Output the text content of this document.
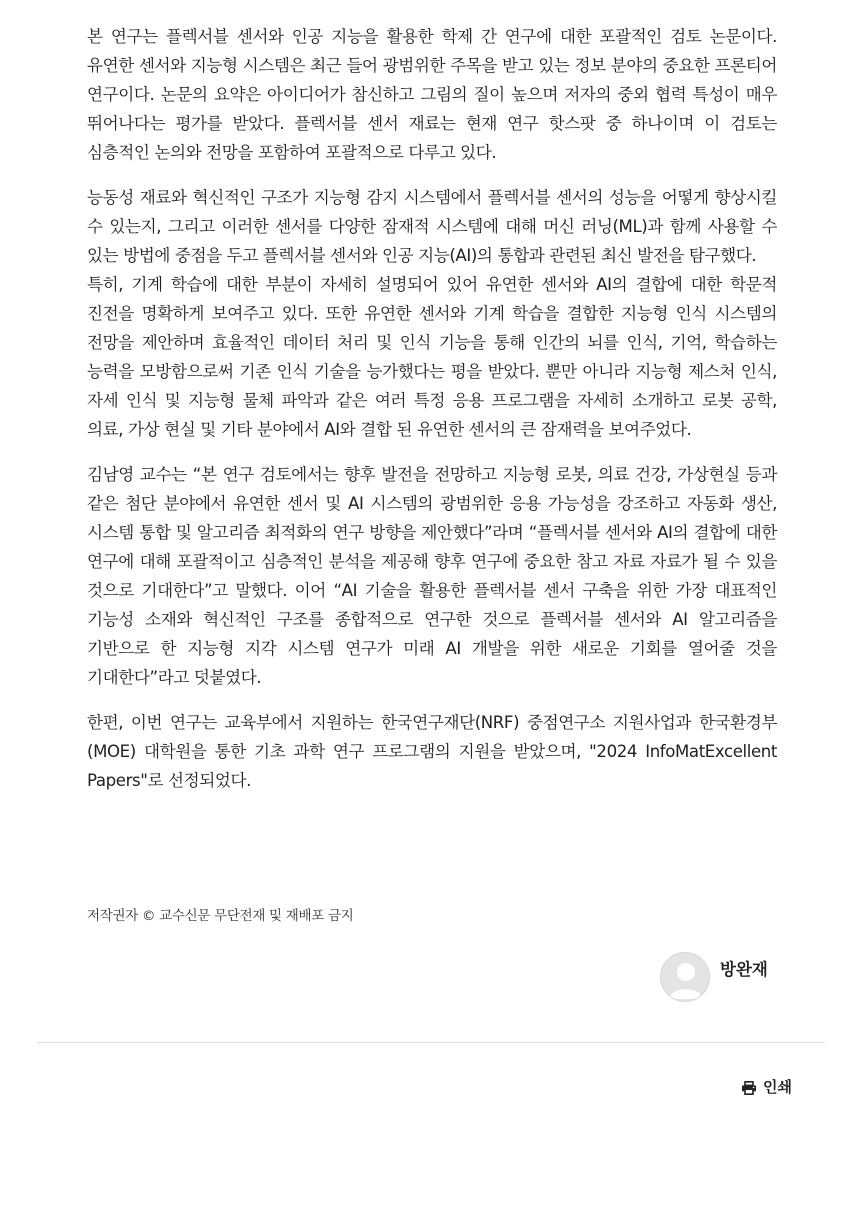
본 연구는 플렉서블 센서와 인공 지능을 활용한 학제 간 연구에 대한 포괄적인 검토 논문이다. 유연한 센서와 지능형 시스템은 최근 들어 광범위한 주목을 받고 있는 정보 분야의 중요한 프론티어 연구이다. 논문의 요약은 아이디어가 참신하고 그림의 질이 높으며 저자의 중외 협력 특성이 매우 뛰어나다는 평가를 받았다. 플렉서블 센서 재료는 현재 연구 핫스팟 중 하나이며 이 검토는 심층적인 논의와 전망을 포함하여 포괄적으로 다루고 있다.

능동성 재료와 혁신적인 구조가 지능형 감지 시스템에서 플렉서블 센서의 성능을 어떻게 향상시킬 수 있는지, 그리고 이러한 센서를 다양한 잠재적 시스템에 대해 머신 러닝(ML)과 함께 사용할 수 있는 방법에 중점을 두고 플렉서블 센서와 인공 지능(AI)의 통합과 관련된 최신 발전을 탐구했다.

특히, 기계 학습에 대한 부분이 자세히 설명되어 있어 유연한 센서와 AI의 결합에 대한 학문적 진전을 명확하게 보여주고 있다. 또한 유연한 센서와 기계 학습을 결합한 지능형 인식 시스템의 전망을 제안하며 효율적인 데이터 처리 및 인식 기능을 통해 인간의 뇌를 인식, 기억, 학습하는 능력을 모방함으로써 기존 인식 기술을 능가했다는 평을 받았다. 뿐만 아니라 지능형 제스처 인식, 자세 인식 및 지능형 물체 파악과 같은 여러 특정 응용 프로그램을 자세히 소개하고 로봇 공학, 의료, 가상 현실 및 기타 분야에서 AI와 결합 된 유연한 센서의 큰 잠재력을 보여주었다.

김남영 교수는 “본 연구 검토에서는 향후 발전을 전망하고 지능형 로봇, 의료 건강, 가상현실 등과 같은 첨단 분야에서 유연한 센서 및 AI 시스템의 광범위한 응용 가능성을 강조하고 자동화 생산, 시스템 통합 및 알고리즘 최적화의 연구 방향을 제안했다”라며 “플렉서블 센서와 AI의 결합에 대한 연구에 대해 포괄적이고 심층적인 분석을 제공해 향후 연구에 중요한 참고 자료 자료가 될 수 있을 것으로 기대한다”고 말했다. 이어 “AI 기술을 활용한 플렉서블 센서 구축을 위한 가장 대표적인 기능성 소재와 혁신적인 구조를 종합적으로 연구한 것으로 플렉서블 센서와 AI 알고리즘을 기반으로 한 지능형 지각 시스템 연구가 미래 AI 개발을 위한 새로운 기회를 열어줄 것을 기대한다”라고 덧붙였다.

한편, 이번 연구는 교육부에서 지원하는 한국연구재단(NRF) 중점연구소 지원사업과 한국환경부(MOE) 대학원을 통한 기초 과학 연구 프로그램의 지원을 받았으며, "2024 InfoMatExcellent Papers"로 선정되었다.

저작권자 © 교수신문 무단전재 및 재배포 금지
방완재
인쇄
